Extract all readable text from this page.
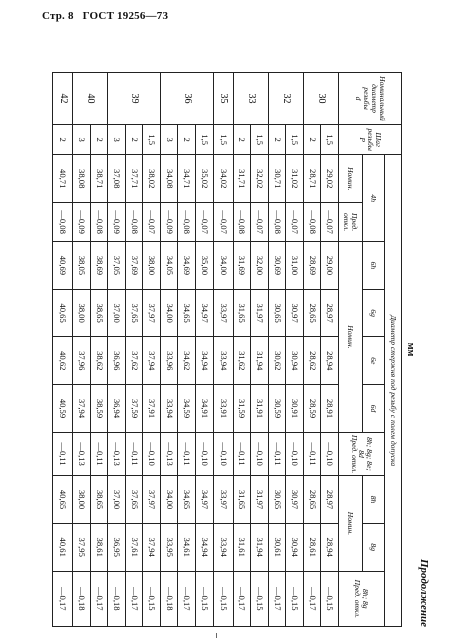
Стр. 8 ГОСТ 19256—73
Продолжение
мм
Номинальный диаметр резьбы
d	Шаг резьбы
P	Диаметр стержня под резьбу с полем допуска									
		4h		6h	6g	6e	6d	8h; 8g; 8e; 8d
Пред. откл.	8h	8g	8h; 8g
Пред. откл.
		Номин.	Пред. откл.	Номин.					Номин.		
30	1,5	29,02	—0,07	29,00	28,97	28,94	28,91	—0,10	28,97	28,94	—0,15
	2	28,71	—0,08	28,69	28,65	28,62	28,59	—0,11	28,65	28,61	—0,17
32	1,5	31,02	—0,07	31,00	30,97	30,94	30,91	—0,10	30,97	30,94	—0,15
	2	30,71	—0,08	30,69	30,65	30,62	30,59	—0,11	30,65	30,61	—0,17
33	1,5	32,02	—0,07	32,00	31,97	31,94	31,91	—0,10	31,97	31,94	—0,15
	2	31,71	—0,08	31,69	31,65	31,62	31,59	—0,11	31,65	31,61	—0,17
35	1,5	34,02	—0,07	34,00	33,97	33,94	33,91	—0,10	33,97	33,94	—0,15
36	1,5	35,02	—0,07	35,00	34,97	34,94	34,91	—0,10	34,97	34,94	—0,15
	2	34,71	—0,08	34,69	34,65	34,62	34,59	—0,11	34,65	34,61	—0,17
	3	34,08	—0,09	34,05	34,00	33,96	33,94	—0,13	34,00	33,95	—0,18
39	1,5	38,02	—0,07	38,00	37,97	37,94	37,91	—0,10	37,97	37,94	—0,15
	2	37,71	—0,08	37,69	37,65	37,62	37,59	—0,11	37,65	37,61	—0,17
	3	37,08	—0,09	37,05	37,00	36,96	36,94	—0,13	37,00	36,95	—0,18
40	2	38,71	—0,08	38,69	38,65	38,62	38,59	—0,11	38,65	38,61	—0,17
	3	38,08	—0,09	38,05	38,00	37,96	37,94	—0,13	38,00	37,95	—0,18
42	2	40,71	—0,08	40,69	40,65	40,62	40,59	—0,11	40,65	40,61	—0,17
